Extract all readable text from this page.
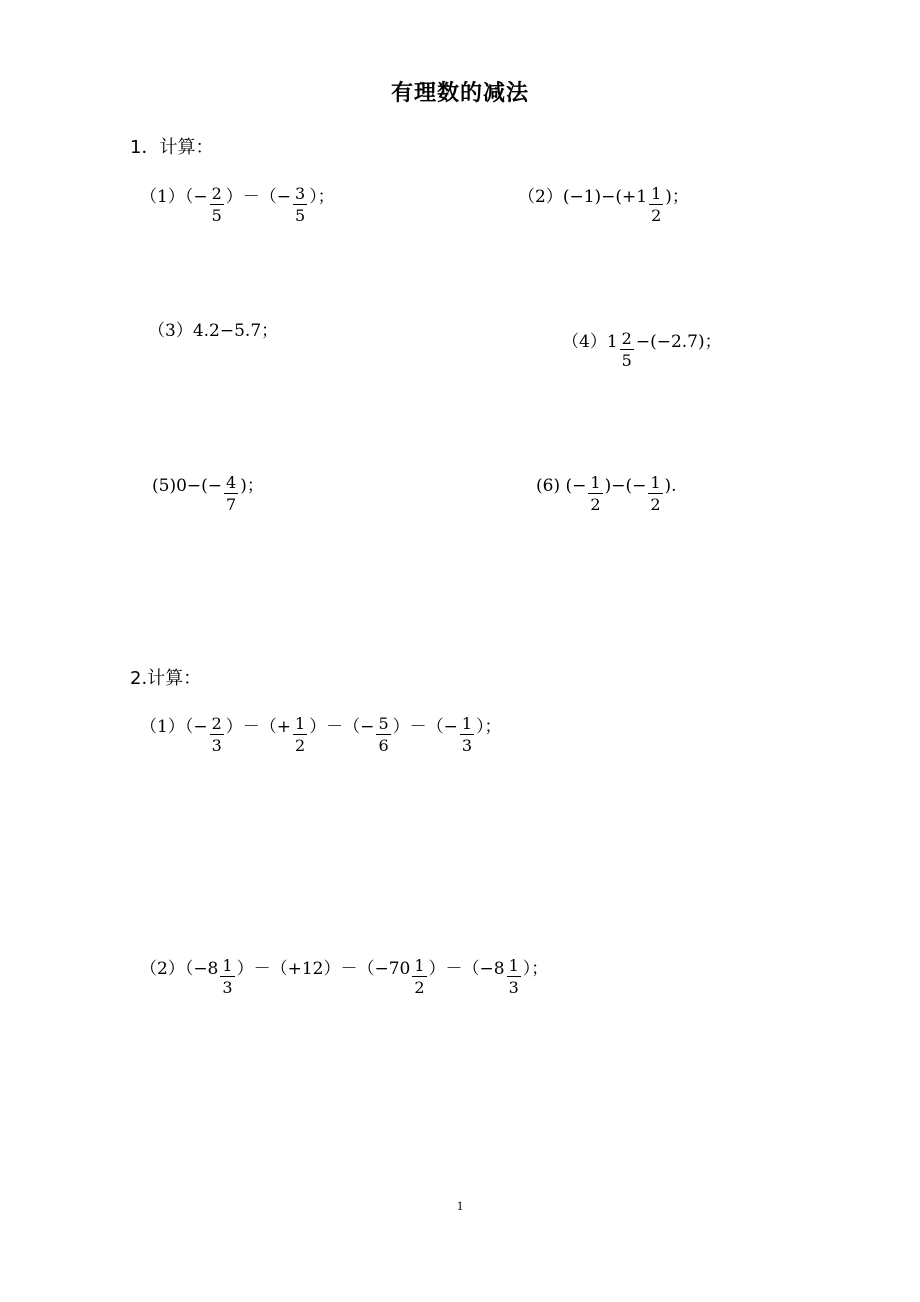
有理数的减法
1．计算：
$(1)(- \frac{2}{5}$ ）－（− $\frac{3}{5}$ ）；	$(2)(-1)-(+1 \frac{1}{2}$ )；
（3）4.2−5.7；
$(4)1 \frac{2}{5} -(-2.7)$；
$(5)0-(- \frac{4}{7}$ )；	(6) (− $\frac{1}{2}$ )−(− $\frac{1}{2}$ ).
2.计算：
$(1)(- \frac{2}{3}$ ）－（+ $\frac{1}{2}$ ）－（− $\frac{5}{6}$ ）－（− $\frac{1}{3}$ ）；
$(2)(-8 \frac{1}{3} )-(+12)-(-70 \frac{1}{2} )-(-8 \frac{1}{3}$ ）；
1
